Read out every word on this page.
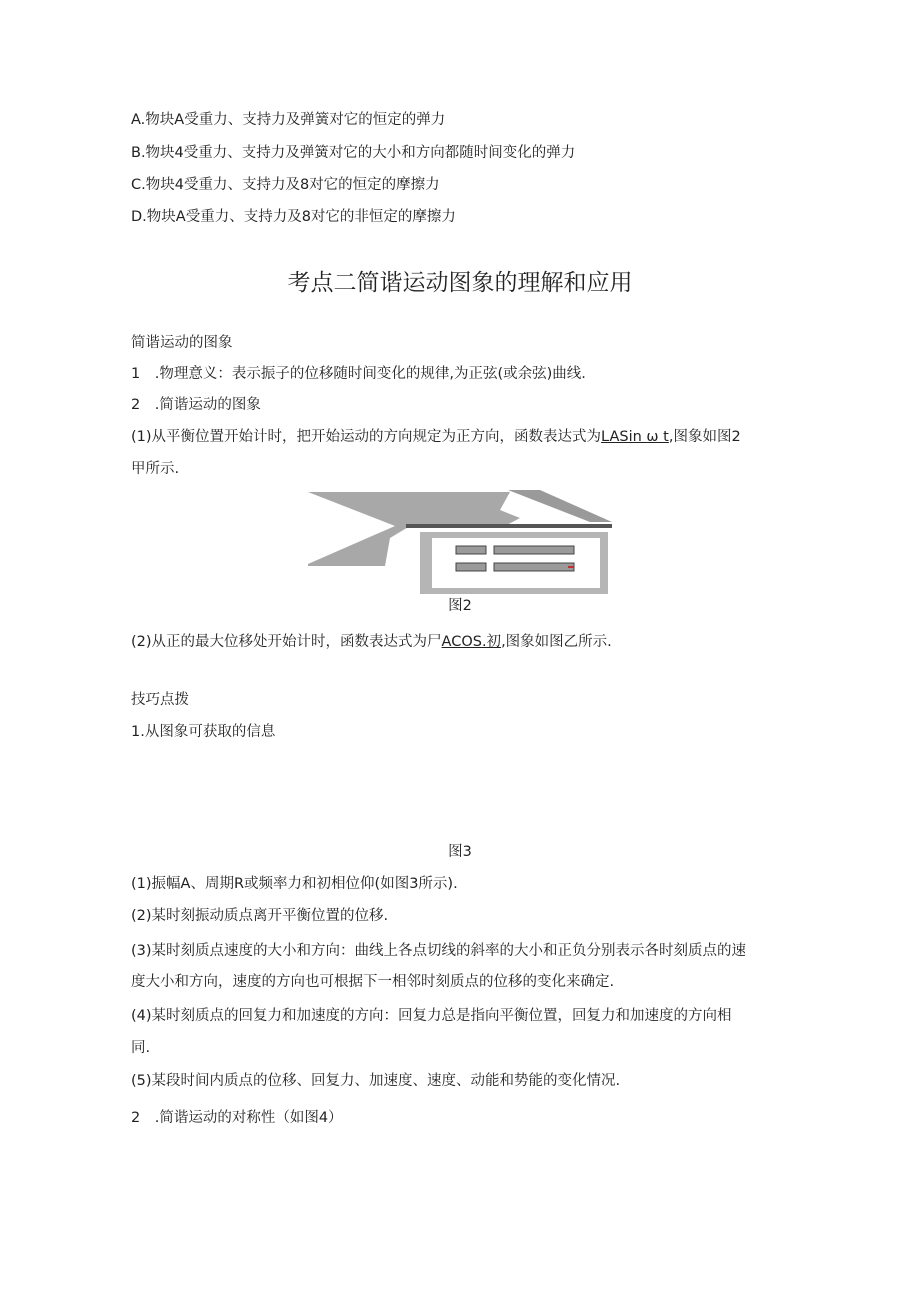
A.物块A受重力、支持力及弹簧对它的恒定的弹力
B.物块4受重力、支持力及弹簧对它的大小和方向都随时间变化的弹力
C.物块4受重力、支持力及8对它的恒定的摩擦力
D.物块A受重力、支持力及8对它的非恒定的摩擦力
考点二简谐运动图象的理解和应用
简谐运动的图象
1　.物理意义：表示振子的位移随时间变化的规律,为正弦(或余弦)曲线.
2　.简谐运动的图象
(1)从平衡位置开始计时，把开始运动的方向规定为正方向，函数表达式为LASin ω t,图象如图2
甲所示.
图2
(2)从正的最大位移处开始计时，函数表达式为尸ACOS.初,图象如图乙所示.
技巧点拨
1.从图象可获取的信息
图3
(1)振幅A、周期R或频率力和初相位仰(如图3所示).
(2)某时刻振动质点离开平衡位置的位移.
(3)某时刻质点速度的大小和方向：曲线上各点切线的斜率的大小和正负分别表示各时刻质点的速
度大小和方向，速度的方向也可根据下一相邻时刻质点的位移的变化来确定.
(4)某时刻质点的回复力和加速度的方向：回复力总是指向平衡位置，回复力和加速度的方向相
同.
(5)某段时间内质点的位移、回复力、加速度、速度、动能和势能的变化情况.
2　.简谐运动的对称性（如图4）
